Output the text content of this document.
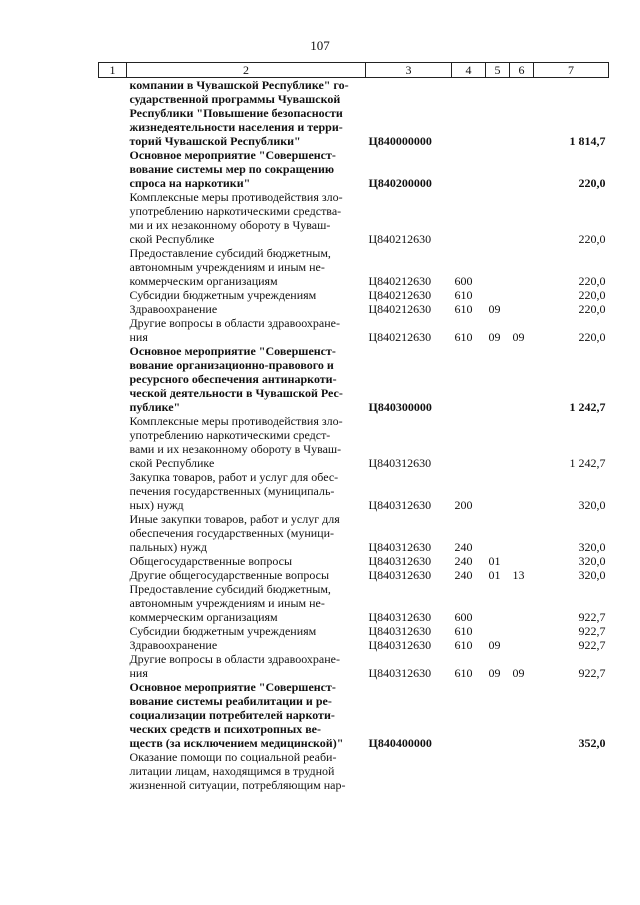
107
1	2	3	4	5	6	7

	компании в Чувашской Республике" го-
сударственной программы Чувашской
Республики "Повышение безопасности
жизнедеятельности населения и терри-
торий Чувашской Республики"	Ц840000000				1 814,7

	Основное мероприятие "Совершенст-
вование системы мер по сокращению
спроса на наркотики"	Ц840200000				220,0

	Комплексные меры противодействия зло-
употреблению наркотическими средства-
ми и их незаконному обороту в Чуваш-
ской Республике	Ц840212630				220,0

	Предоставление субсидий бюджетным,
автономным учреждениям и иным не-
коммерческим организациям	Ц840212630	600			220,0

	Субсидии бюджетным учреждениям	Ц840212630	610			220,0

	Здравоохранение	Ц840212630	610	09		220,0

	Другие вопросы в области здравоохране-
ния	Ц840212630	610	09	09	220,0

	Основное мероприятие "Совершенст-
вование организационно-правового и
ресурсного обеспечения антинаркоти-
ческой деятельности в Чувашской Рес-
публике"	Ц840300000				1 242,7

	Комплексные меры противодействия зло-
употреблению наркотическими средст-
вами и их незаконному обороту в Чуваш-
ской Республике	Ц840312630				1 242,7

	Закупка товаров, работ и услуг для обес-
печения государственных (муниципаль-
ных) нужд	Ц840312630	200			320,0

	Иные закупки товаров, работ и услуг для
обеспечения государственных (муници-
пальных) нужд	Ц840312630	240			320,0

	Общегосударственные вопросы	Ц840312630	240	01		320,0

	Другие общегосударственные вопросы	Ц840312630	240	01	13	320,0

	Предоставление субсидий бюджетным,
автономным учреждениям и иным не-
коммерческим организациям	Ц840312630	600			922,7

	Субсидии бюджетным учреждениям	Ц840312630	610			922,7

	Здравоохранение	Ц840312630	610	09		922,7

	Другие вопросы в области здравоохране-
ния	Ц840312630	610	09	09	922,7

	Основное мероприятие "Совершенст-
вование системы реабилитации и ре-
социализации потребителей наркоти-
ческих средств и психотропных ве-
ществ (за исключением медицинской)"	Ц840400000				352,0

	Оказание помощи по социальной реаби-
литации лицам, находящимся в трудной
жизненной ситуации, потребляющим нар-					
